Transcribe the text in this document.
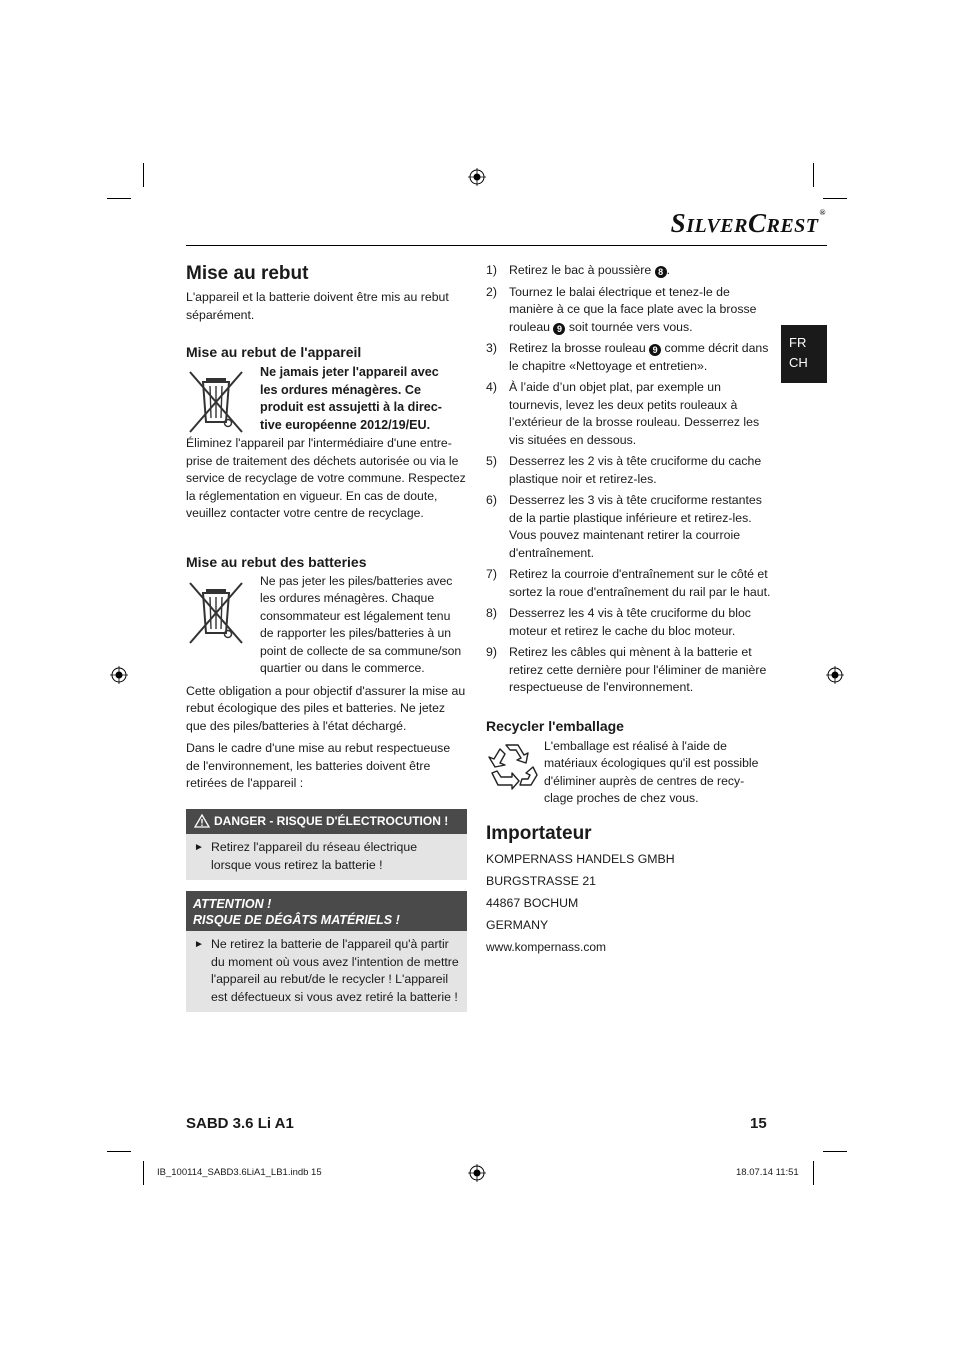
SILVERCREST®
FR
CH
Mise au rebut

L'appareil et la batterie doivent être mis au rebut séparément.

Mise au rebut de l'appareil
Ne jamais jeter l'appareil avec
les ordures ménagères. Ce
produit est assujetti à la direc-
tive européenne 2012/19/EU.
Éliminez l'appareil par l'intermédiaire d'une entre-
prise de traitement des déchets autorisée ou via le
service de recyclage de votre commune. Respectez
la réglementation en vigueur. En cas de doute,
veuillez contacter votre centre de recyclage.
Mise au rebut des batteries
Ne pas jeter les piles/batteries avec
les ordures ménagères. Chaque
consommateur est légalement tenu
de rapporter les piles/batteries à un
point de collecte de sa commune/son
quartier ou dans le commerce.

Cette obligation a pour objectif d'assurer la mise au rebut écologique des piles et batteries. Ne jetez que des piles/batteries à l'état déchargé.

Dans le cadre d'une mise au rebut respectueuse de l'environnement, les batteries doivent être retirées de l'appareil :

DANGER - RISQUE D'ÉLECTROCUTION !
► Retirez l'appareil du réseau électrique lorsque vous retirez la batterie !
ATTENTION !
RISQUE DE DÉGÂTS MATÉRIELS !
► Ne retirez la batterie de l'appareil qu'à partir du moment où vous avez l'intention de mettre l'appareil au rebut/de le recycler ! L'appareil est défectueux si vous avez retiré la batterie !
1) Retirez le bac à poussière 8 .
2) Tournez le balai électrique et tenez-le de manière à ce que la face plate avec la brosse rouleau 9 soit tournée vers vous.
3) Retirez la brosse rouleau 9 comme décrit dans le chapitre «Nettoyage et entretien».
4) À l’aide d’un objet plat, par exemple un tournevis, levez les deux petits rouleaux à l’extérieur de la brosse rouleau. Desserrez les vis situées en dessous.
5) Desserrez les 2 vis à tête cruciforme du cache plastique noir et retirez-les.
6) Desserrez les 3 vis à tête cruciforme restantes de la partie plastique inférieure et retirez-les. Vous pouvez maintenant retirer la courroie d'entraînement.
7) Retirez la courroie d'entraînement sur le côté et sortez la roue d'entraînement du rail par le haut.
8) Desserrez les 4 vis à tête cruciforme du bloc moteur et retirez le cache du bloc moteur.
9) Retirez les câbles qui mènent à la batterie et retirez cette dernière pour l'éliminer de manière respectueuse de l'environnement.
Recycler l'emballage
L'emballage est réalisé à l'aide de
matériaux écologiques qu'il est possible
d'éliminer auprès de centres de recy-
clage proches de chez vous.
Importateur
KOMPERNASS HANDELS GMBH
BURGSTRASSE 21
44867 BOCHUM
GERMANY
www.kompernass.com
SABD 3.6 Li A1	15
IB_100114_SABD3.6LiA1_LB1.indb 15	18.07.14 11:51
